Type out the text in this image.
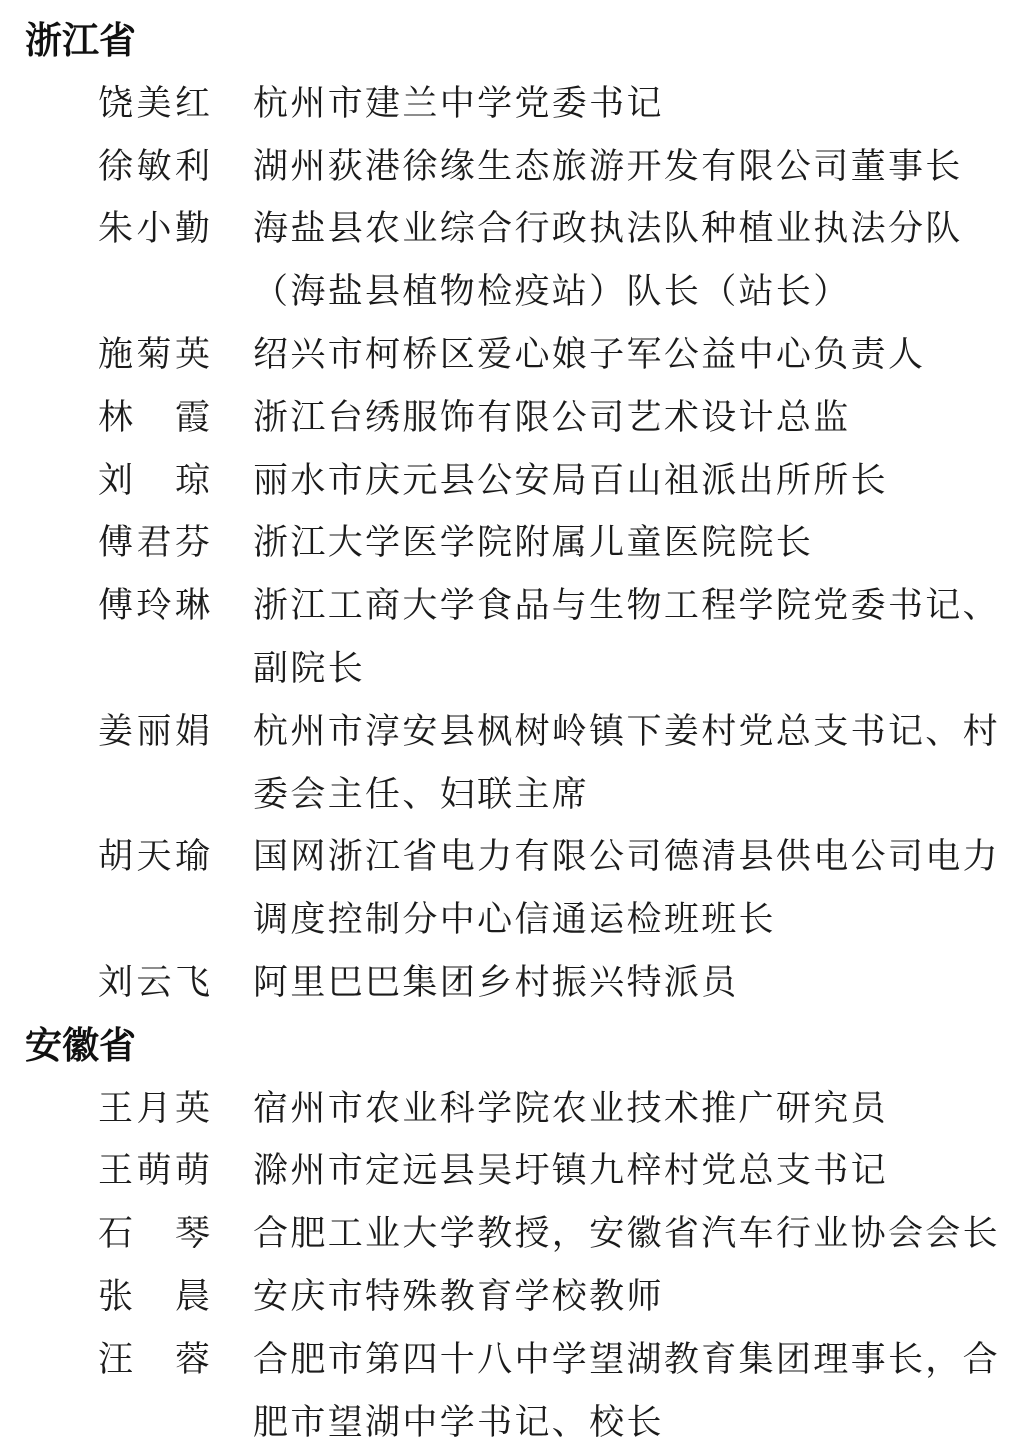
浙江省
饶 美 红 杭州市建兰中学党委书记
徐 敏 利 湖州荻港徐缘生态旅游开发有限公司董事长
朱 小 勤 海盐县农业综合行政执法队种植业执法分队（海盐县植物检疫站）队长（站长）
施 菊 英 绍兴市柯桥区爱心娘子军公益中心负责人
林 霞 浙江台绣服饰有限公司艺术设计总监
刘 琼 丽水市庆元县公安局百山祖派出所所长
傅 君 芬 浙江大学医学院附属儿童医院院长
傅 玲 琳 浙江工商大学食品与生物工程学院党委书记、副院长
姜 丽 娟 杭州市淳安县枫树岭镇下姜村党总支书记、村委会主任、妇联主席
胡 天 瑜 国网浙江省电力有限公司德清县供电公司电力调度控制分中心信通运检班班长
刘 云 飞 阿里巴巴集团乡村振兴特派员
安徽省
王 月 英 宿州市农业科学院农业技术推广研究员
王 萌 萌 滁州市定远县吴圩镇九梓村党总支书记
石 琴 合肥工业大学教授，安徽省汽车行业协会会长
张 晨 安庆市特殊教育学校教师
汪 蓉 合肥市第四十八中学望湖教育集团理事长，合肥市望湖中学书记、校长
